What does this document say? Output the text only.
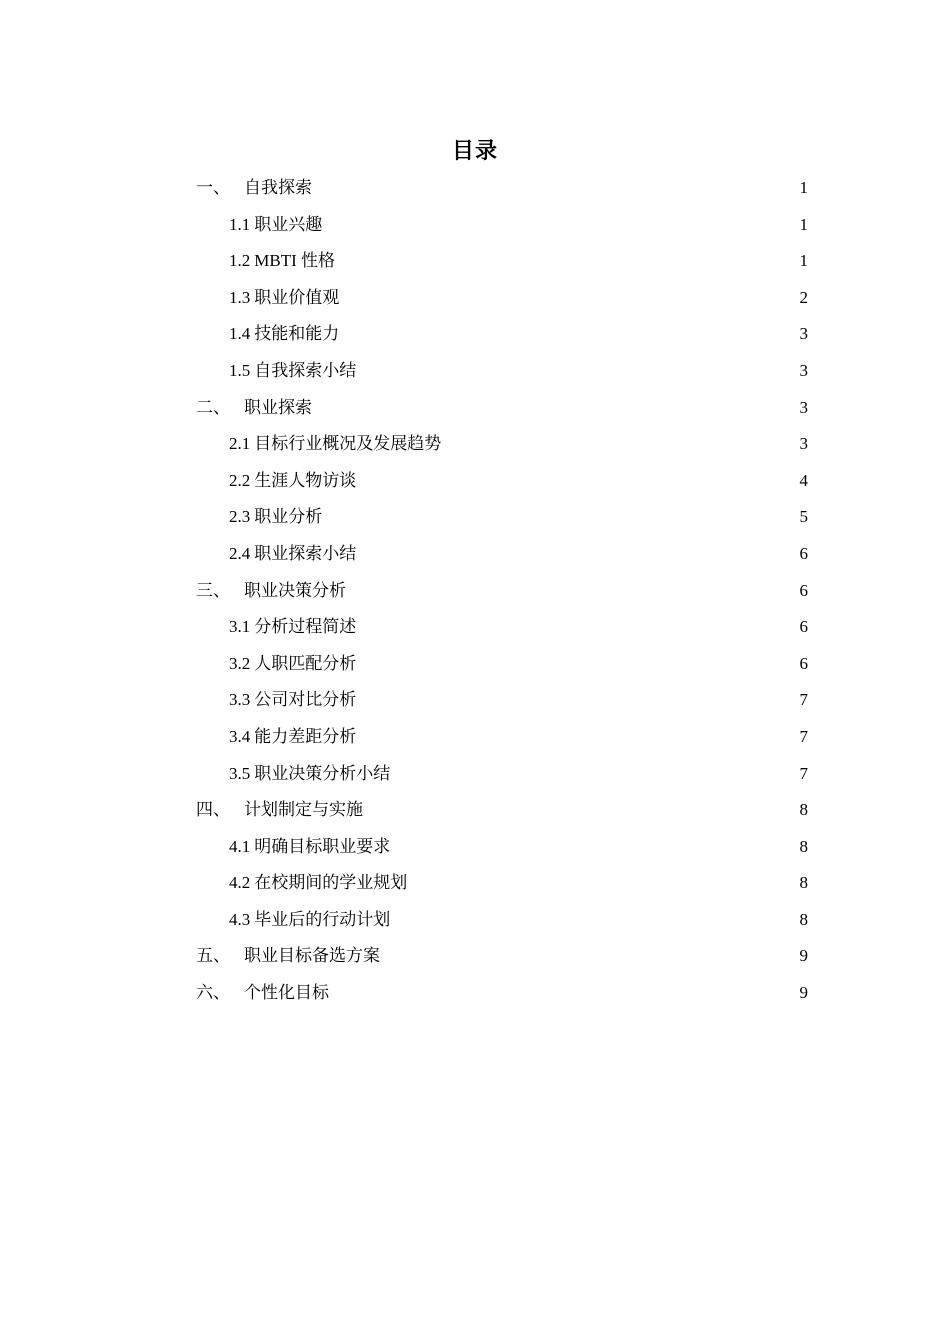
目录
一、 自我探索	1
1.1 职业兴趣	1
1.2 MBTI 性格	1
1.3 职业价值观	2
1.4 技能和能力	3
1.5 自我探索小结	3
二、 职业探索	3
2.1 目标行业概况及发展趋势	3
2.2 生涯人物访谈	4
2.3 职业分析	5
2.4 职业探索小结	6
三、 职业决策分析	6
3.1 分析过程简述	6
3.2 人职匹配分析	6
3.3 公司对比分析	7
3.4 能力差距分析	7
3.5 职业决策分析小结	7
四、 计划制定与实施	8
4.1 明确目标职业要求	8
4.2 在校期间的学业规划	8
4.3 毕业后的行动计划	8
五、 职业目标备选方案	9
六、 个性化目标	9
